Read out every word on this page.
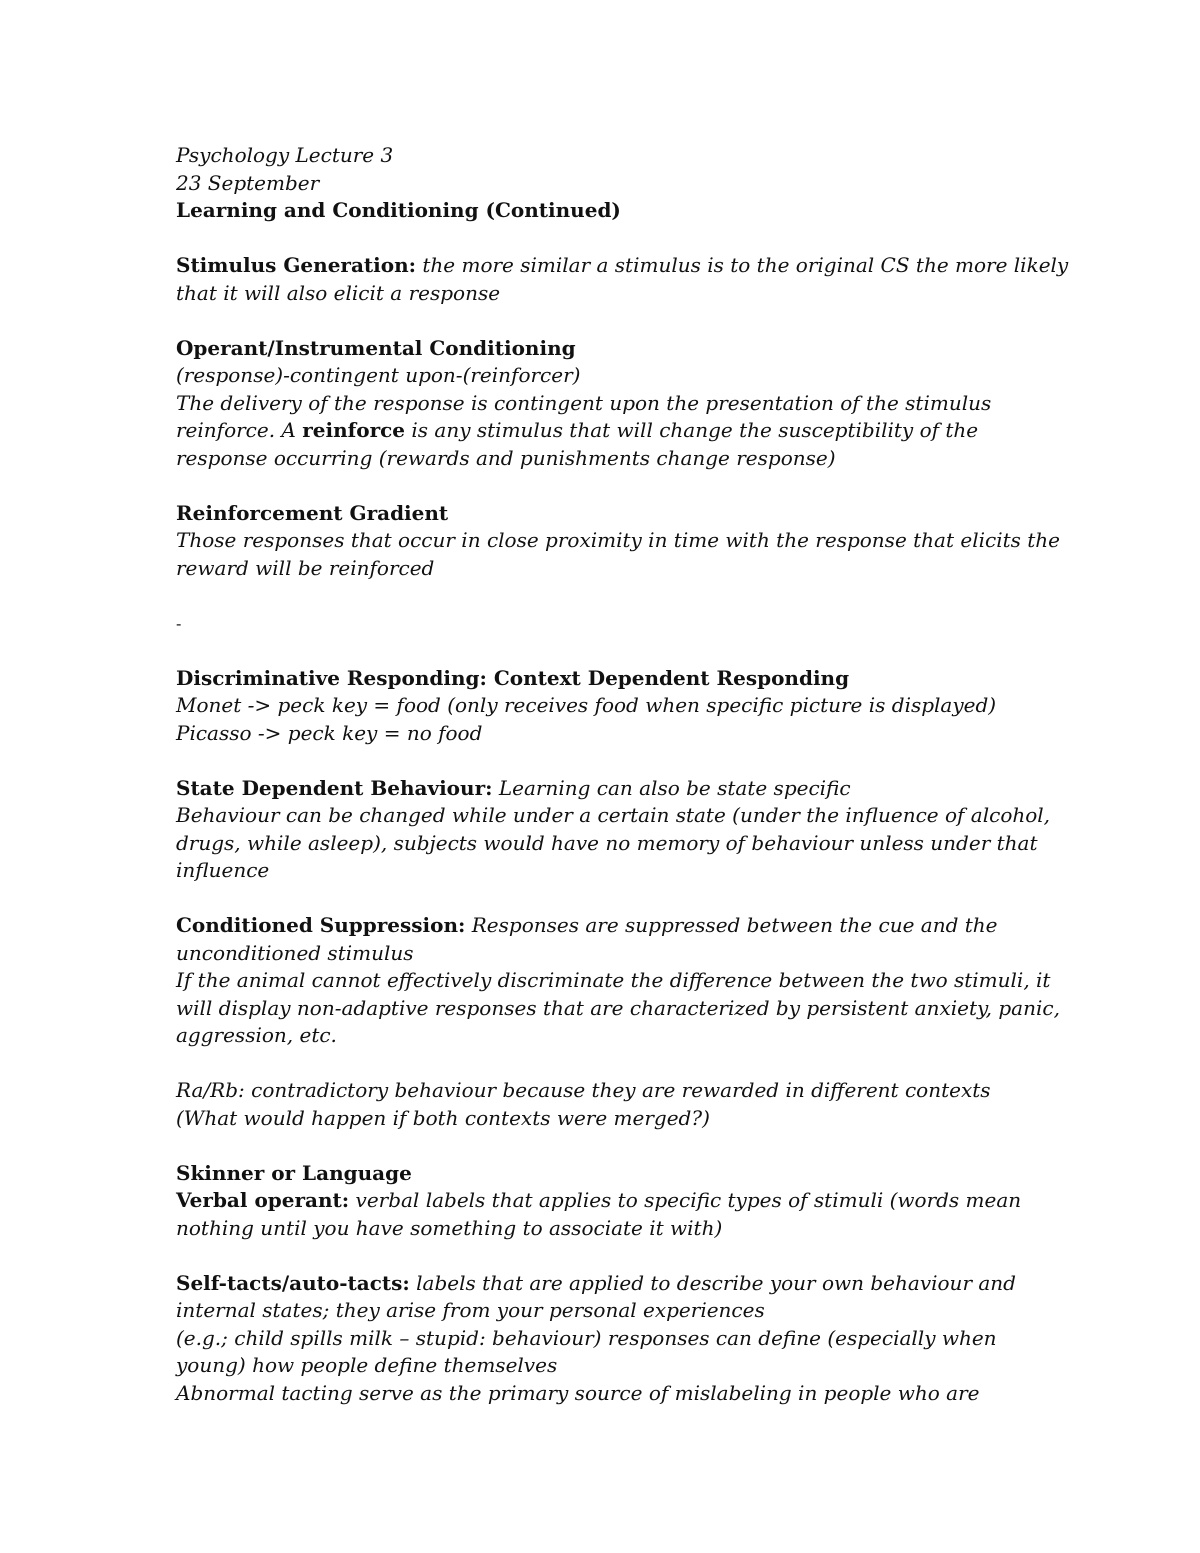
Psychology Lecture 3
23 September
Learning and Conditioning (Continued)
Stimulus Generation: the more similar a stimulus is to the original CS the more likely
that it will also elicit a response
Operant/Instrumental Conditioning
(response)-contingent upon-(reinforcer)
The delivery of the response is contingent upon the presentation of the stimulus
reinforce. A reinforce is any stimulus that will change the susceptibility of the
response occurring (rewards and punishments change response)
Reinforcement Gradient
Those responses that occur in close proximity in time with the response that elicits the
reward will be reinforced
-
Discriminative Responding: Context Dependent Responding
Monet -> peck key = food (only receives food when specific picture is displayed)
Picasso -> peck key = no food
State Dependent Behaviour: Learning can also be state specific
Behaviour can be changed while under a certain state (under the influence of alcohol,
drugs, while asleep), subjects would have no memory of behaviour unless under that
influence
Conditioned Suppression: Responses are suppressed between the cue and the
unconditioned stimulus
If the animal cannot effectively discriminate the difference between the two stimuli, it
will display non-adaptive responses that are characterized by persistent anxiety, panic,
aggression, etc.
Ra/Rb: contradictory behaviour because they are rewarded in different contexts
(What would happen if both contexts were merged?)
Skinner or Language
Verbal operant: verbal labels that applies to specific types of stimuli (words mean
nothing until you have something to associate it with)
Self-tacts/auto-tacts: labels that are applied to describe your own behaviour and
internal states; they arise from your personal experiences
(e.g.; child spills milk – stupid: behaviour) responses can define (especially when
young) how people define themselves
Abnormal tacting serve as the primary source of mislabeling in people who are
